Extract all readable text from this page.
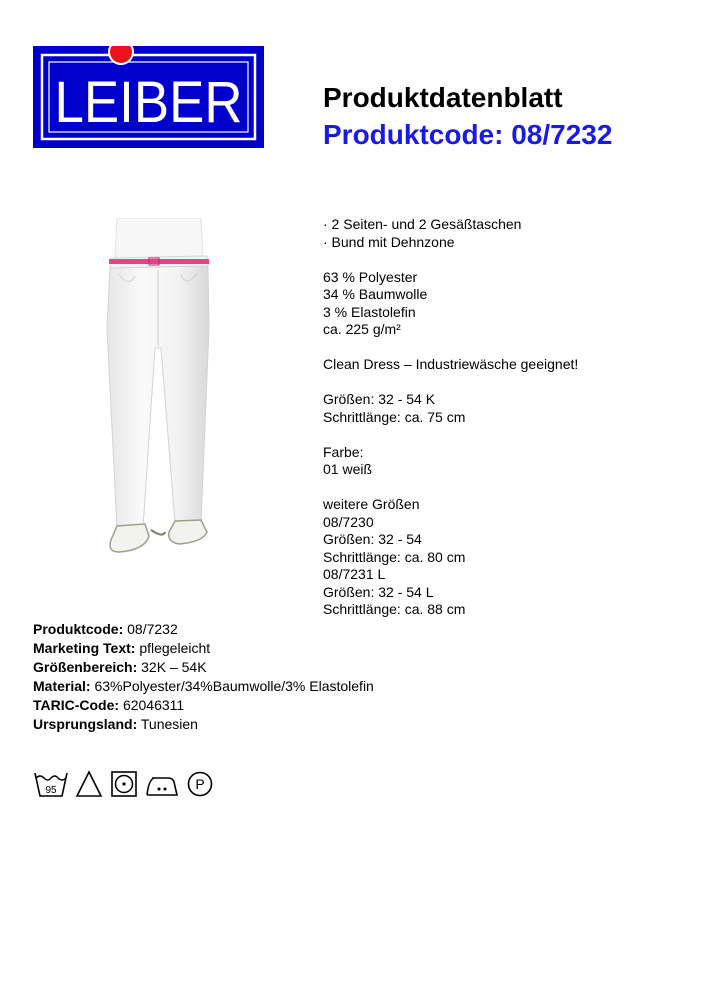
LEIBER	Produktdatenblatt
Produktcode: 08/7232
· 2 Seiten- und 2 Gesäßtaschen
· Bund mit Dehnzone
63 % Polyester
34 % Baumwolle
3 % Elastolefin
ca. 225 g/m²
Clean Dress – Industriewäsche geeignet!
Größen: 32 - 54 K
Schrittlänge: ca. 75 cm
Farbe:
01 weiß
weitere Größen
08/7230
Größen: 32 - 54
Schrittlänge: ca. 80 cm
08/7231 L
Größen: 32 - 54 L
Schrittlänge: ca. 88 cm
Produktcode: 08/7232
Marketing Text: pflegeleicht
Größenbereich: 32K – 54K
Material: 63%Polyester/34%Baumwolle/3% Elastolefin
TARIC-Code: 62046311
Ursprungsland: Tunesien
95	P
